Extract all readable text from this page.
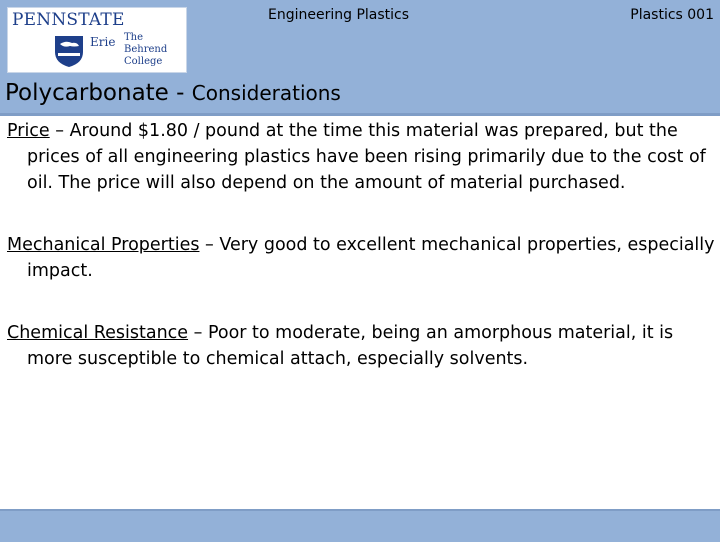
PENNSTATE
Erie The Behrend
College
Engineering Plastics	Plastics 001
Polycarbonate - Considerations

Price – Around $1.80 / pound at the time this material was prepared, but the prices of all engineering plastics have been rising primarily due to the cost of oil. The price will also depend on the amount of material purchased.

Mechanical Properties – Very good to excellent mechanical properties, especially impact.

Chemical Resistance – Poor to moderate, being an amorphous material, it is more susceptible to chemical attach, especially solvents.
